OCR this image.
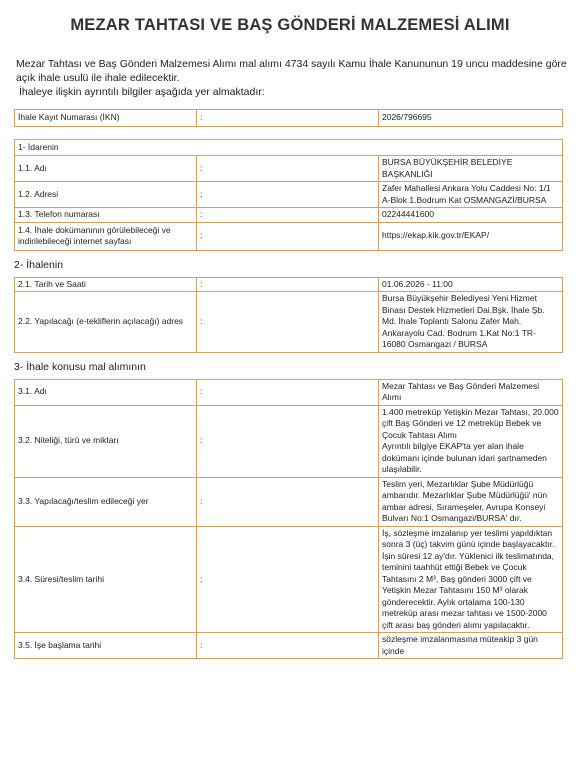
MEZAR TAHTASI VE BAŞ GÖNDERİ MALZEMESİ ALIMI

Mezar Tahtası ve Baş Gönderi Malzemesi Alımı mal alımı 4734 sayılı Kamu İhale Kanununun 19 uncu maddesine göre açık ihale usulü ile ihale edilecektir.

İhaleye ilişkin ayrıntılı bilgiler aşağıda yer almaktadır:

İhale Kayıt Numarası (İKN)	:	2026/796695
1- İdarenin		
1.1. Adı	:	BURSA BÜYÜKŞEHİR BELEDİYE BAŞKANLIĞI
1.2. Adresi	:	Zafer Mahallesi Ankara Yolu Caddesi No: 1/1 A-Blok 1.Bodrum Kat OSMANGAZİ/BURSA
1.3. Telefon numarası	:	02244441600
1.4. İhale dokümanının görülebileceği ve indirilebileceği internet sayfası	:	https://ekap.kik.gov.tr/EKAP/
2- İhalenin
2.1. Tarih ve Saati	:	01.06.2026 - 11:00
2.2. Yapılacağı (e-tekliflerin açılacağı) adres	:	Bursa Büyükşehir Belediyesi Yeni Hizmet Binası Destek Hizmetleri Dai.Bşk. İhale Şb. Md. İhale Toplantı Salonu Zafer Mah. Ankarayolu Cad. Bodrum 1.Kat No:1 TR-16080 Osmangazi / BURSA
3- İhale konusu mal alımının
3.1. Adı	:	Mezar Tahtası ve Baş Gönderi Malzemesi Alımı
3.2. Niteliği, türü ve miktarı	:	1.400 metreküp Yetişkin Mezar Tahtası, 20.000 çift Baş Gönderi ve 12 metreküp Bebek ve Çocuk Tahtası Alımı
Ayrıntılı bilgiye EKAP'ta yer alan ihale dokümanı içinde bulunan idari şartnameden ulaşılabilir.
3.3. Yapılacağı/teslim edileceği yer	:	Teslim yeri, Mezarlıklar Şube Müdürlüğü ambarıdır. Mezarlıklar Şube Müdürlüğü' nün ambar adresi, Sırameşeler, Avrupa Konseyi Bulvarı No:1 Osmangazi/BURSA' dır.
3.4. Süresi/teslim tarihi	:	İş, sözleşme imzalanıp yer teslimi yapıldıktan sonra 3 (üç) takvim günü içinde başlayacaktır. İşin süresi 12 ay'dır. Yüklenici ilk teslimatında, teminini taahhüt ettiği Bebek ve Çocuk Tahtasını 2 M³, Baş gönderi 3000 çift ve Yetişkin Mezar Tahtasını 150 M³ olarak gönderecektir. Aylık ortalama 100-130 metreküp arası mezar tahtası ve 1500-2000 çift arası baş gönderi alımı yapılacaktır.
3.5. İşe başlama tarihi	:	sözleşme imzalanmasına müteakip 3 gün içinde
